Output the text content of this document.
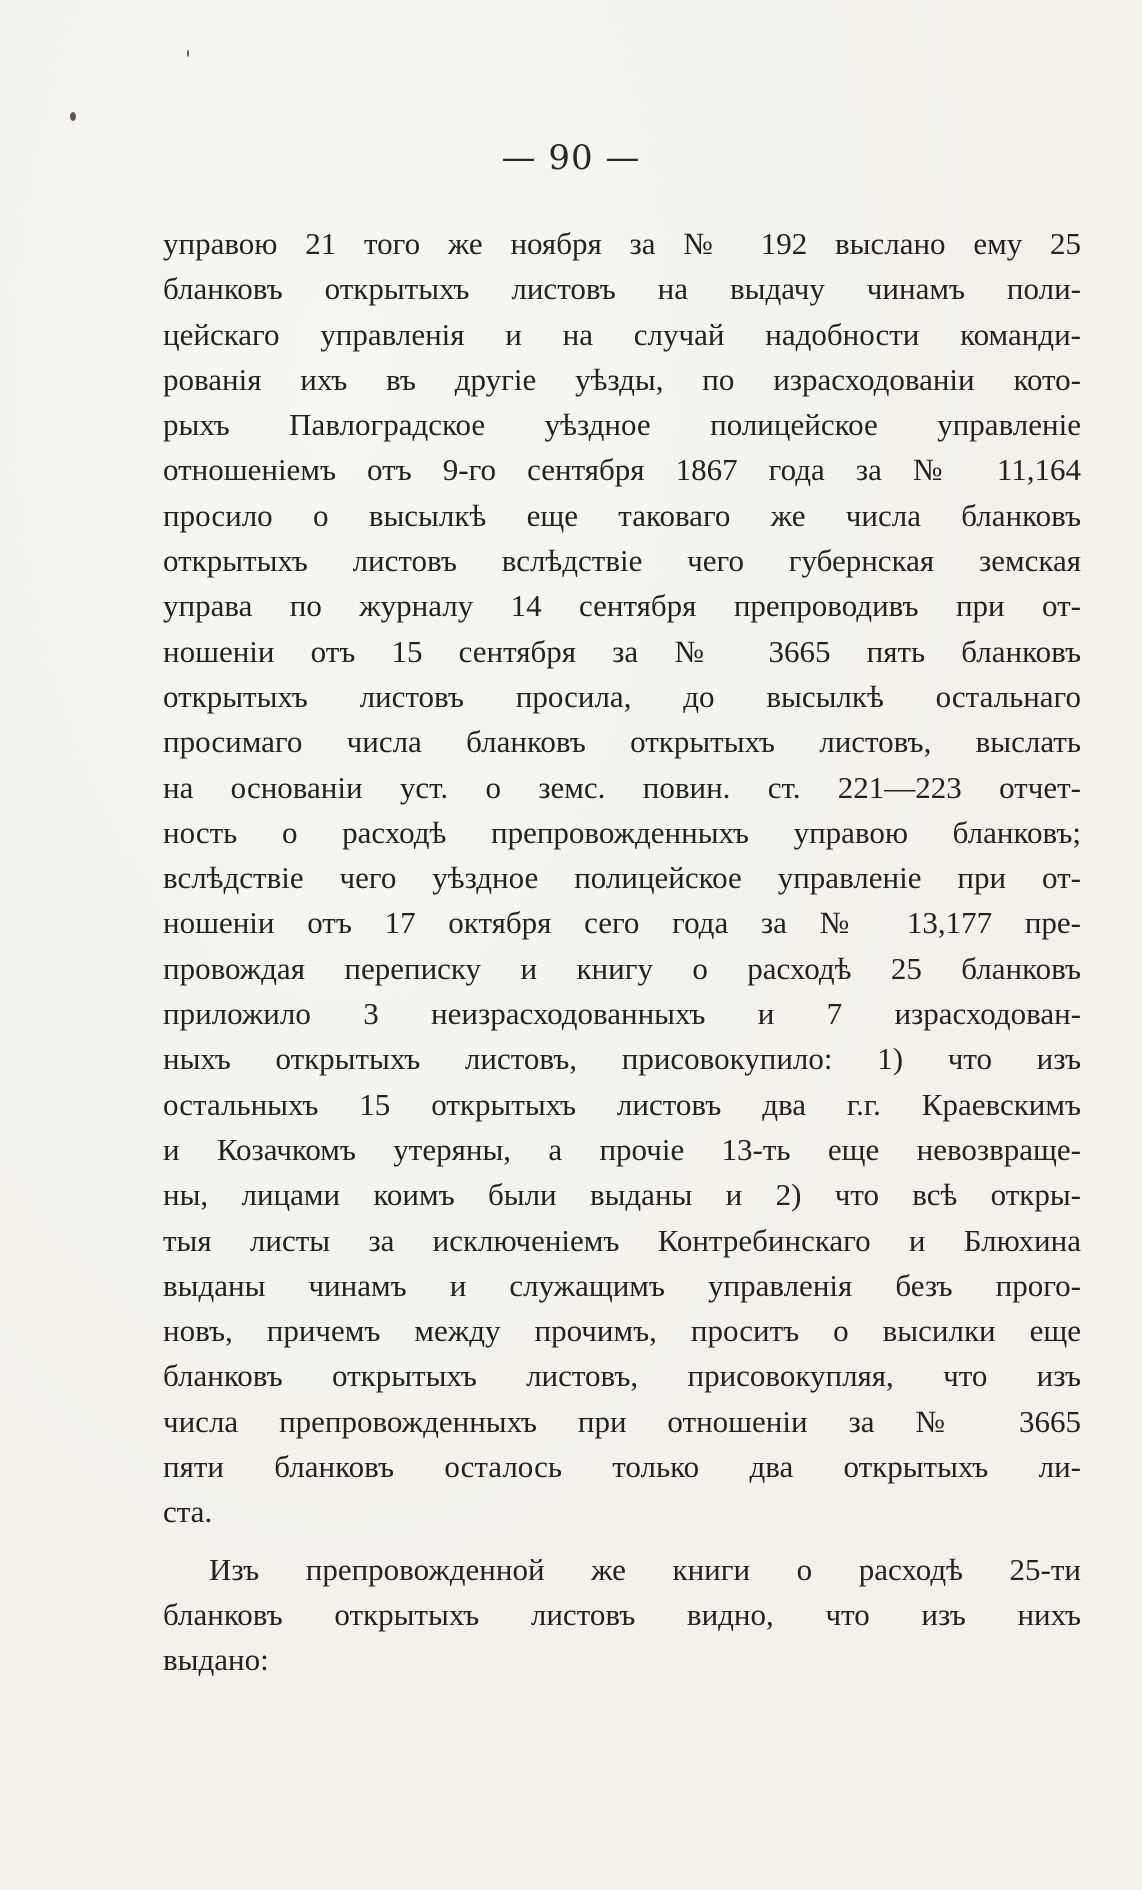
— 90 —
управою 21 того же ноября за № 192 выслано ему 25
бланковъ открытыхъ листовъ на выдачу чинамъ поли-
цейскаго управленія и на случай надобности команди-
рованія ихъ въ другіе уѣзды, по израсходованіи кото-
рыхъ Павлоградское уѣздное полицейское управленіе
отношеніемъ отъ 9-го сентября 1867 года за № 11,164
просило о высылкѣ еще таковаго же числа бланковъ
открытыхъ листовъ вслѣдствіе чего губернская земская
управа по журналу 14 сентября препроводивъ при от-
ношеніи отъ 15 сентября за № 3665 пять бланковъ
открытыхъ листовъ просила, до высылкѣ остальнаго
просимаго числа бланковъ открытыхъ листовъ, выслать
на основаніи уст. о земс. повин. ст. 221—223 отчет-
ность о расходѣ препровожденныхъ управою бланковъ;
вслѣдствіе чего уѣздное полицейское управленіе при от-
ношеніи отъ 17 октября сего года за № 13,177 пре-
провождая переписку и книгу о расходѣ 25 бланковъ
приложило 3 неизрасходованныхъ и 7 израсходован-
ныхъ открытыхъ листовъ, присовокупило: 1) что изъ
остальныхъ 15 открытыхъ листовъ два г.г. Краевскимъ
и Козачкомъ утеряны, а прочіе 13-ть еще невозвраще-
ны, лицами коимъ были выданы и 2) что всѣ откры-
тыя листы за исключеніемъ Контребинскаго и Блюхина
выданы чинамъ и служащимъ управленія безъ прого-
новъ, причемъ между прочимъ, проситъ о высилки еще
бланковъ открытыхъ листовъ, присовокупляя, что изъ
числа препровожденныхъ при отношеніи за № 3665
пяти бланковъ осталось только два открытыхъ ли-
ста.
Изъ препровожденной же книги о расходѣ 25-ти
бланковъ открытыхъ листовъ видно, что изъ нихъ
выдано:
